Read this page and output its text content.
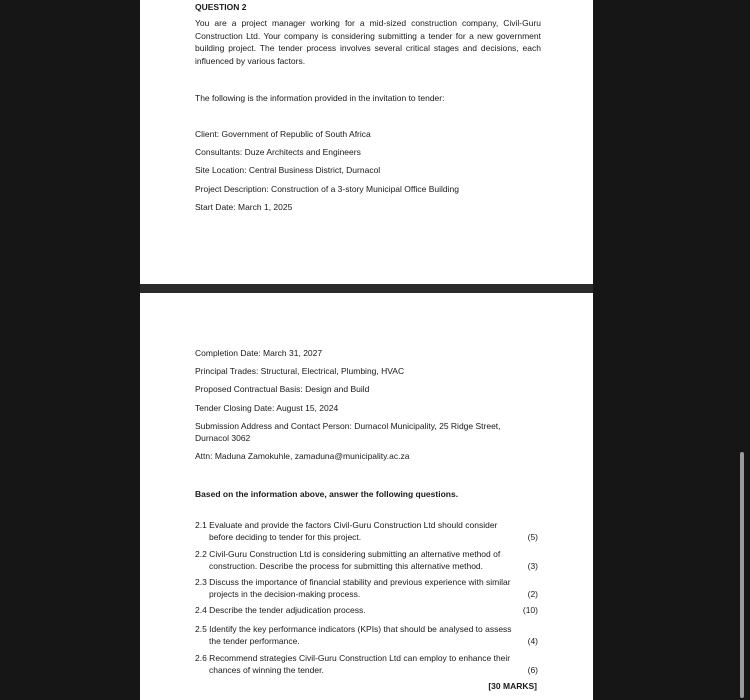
QUESTION 2
You are a project manager working for a mid-sized construction company, Civil-Guru Construction Ltd. Your company is considering submitting a tender for a new government building project. The tender process involves several critical stages and decisions, each influenced by various factors.
The following is the information provided in the invitation to tender:
Client: Government of Republic of South Africa
Consultants: Duze Architects and Engineers
Site Location: Central Business District, Durnacol
Project Description: Construction of a 3-story Municipal Office Building
Start Date: March 1, 2025
Completion Date: March 31, 2027
Principal Trades: Structural, Electrical, Plumbing, HVAC
Proposed Contractual Basis: Design and Build
Tender Closing Date: August 15, 2024
Submission Address and Contact Person: Durnacol Municipality, 25 Ridge Street,
Durnacol 3062
Attn: Maduna Zamokuhle, zamaduna@municipality.ac.za
Based on the information above, answer the following questions.
2.1 Evaluate and provide the factors Civil-Guru Construction Ltd should consider
before deciding to tender for this project.	(5)
2.2 Civil-Guru Construction Ltd is considering submitting an alternative method of
construction. Describe the process for submitting this alternative method.	(3)
2.3 Discuss the importance of financial stability and previous experience with similar
projects in the decision-making process.	(2)
2.4 Describe the tender adjudication process.	(10)
2.5 Identify the key performance indicators (KPIs) that should be analysed to assess
the tender performance.	(4)
2.6 Recommend strategies Civil-Guru Construction Ltd can employ to enhance their
chances of winning the tender.	(6)
[30 MARKS]
